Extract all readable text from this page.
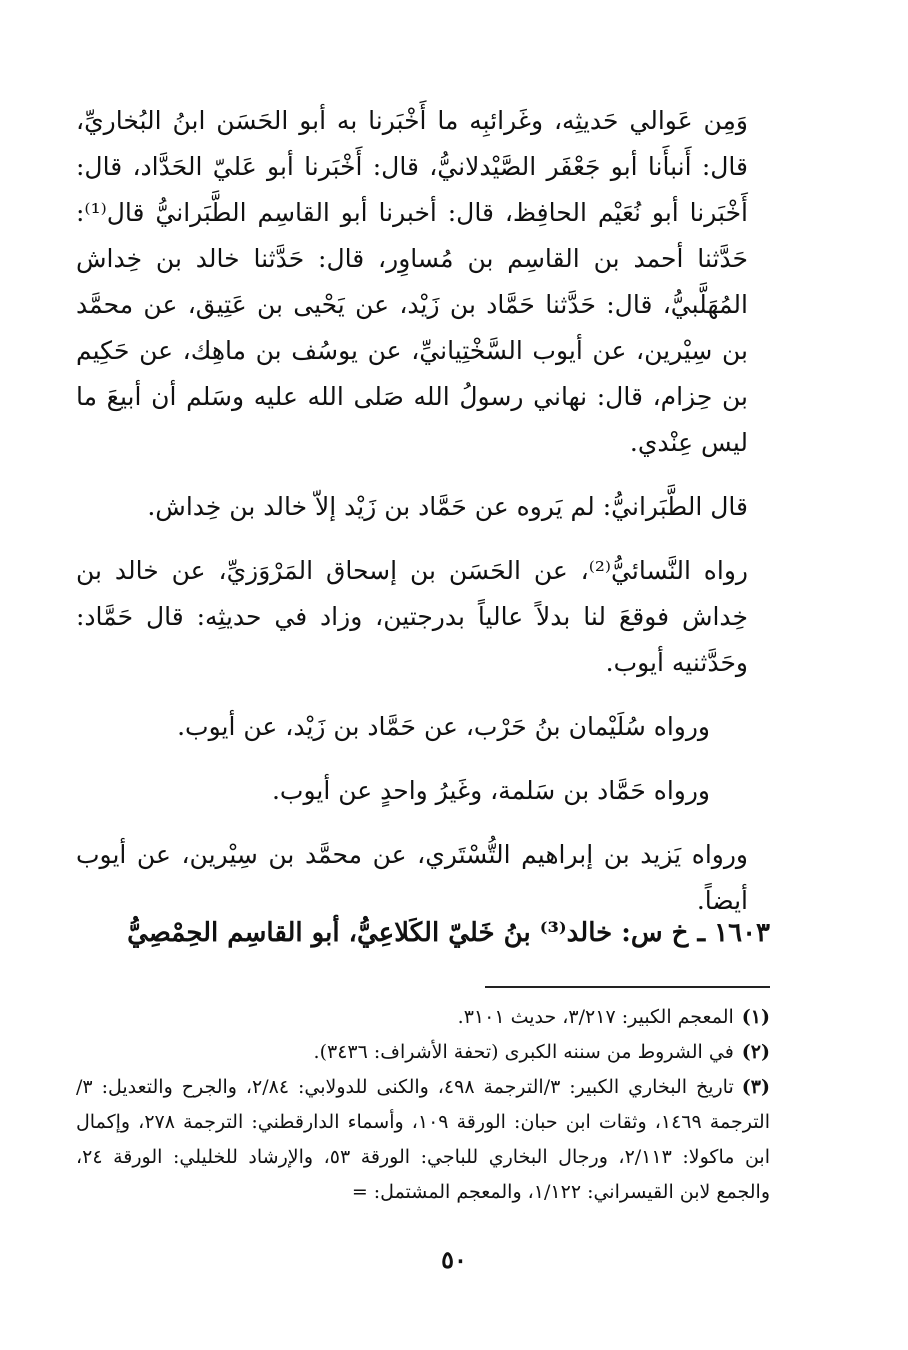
وَمِن عَوالي حَديثِه، وغَرائبِه ما أَخْبَرنا به أبو الحَسَن ابنُ البُخاريِّ، قال: أَنبأَنا أبو جَعْفَر الصَّيْدلانيُّ، قال: أَخْبَرنا أبو عَليّ الحَدَّاد، قال: أَخْبَرنا أبو نُعَيْم الحافِظ، قال: أخبرنا أبو القاسِم الطَّبَرانيُّ قال⁽¹⁾: حَدَّثنا أحمد بن القاسِم بن مُساوِر، قال: حَدَّثنا خالد بن خِداش المُهَلَّبيُّ، قال: حَدَّثنا حَمَّاد بن زَيْد، عن يَحْيى بن عَتِيق، عن محمَّد بن سِيْرين، عن أيوب السَّخْتِيانيِّ، عن يوسُف بن ماهِك، عن حَكِيم بن حِزام، قال: نهاني رسولُ الله صَلى الله عليه وسَلم أن أبيعَ ما ليس عِنْدي.

قال الطَّبَرانيُّ: لم يَروه عن حَمَّاد بن زَيْد إلاّ خالد بن خِداش.

رواه النَّسائيُّ⁽²⁾، عن الحَسَن بن إسحاق المَرْوَزيِّ، عن خالد بن خِداش فوقعَ لنا بدلاً عالياً بدرجتين، وزاد في حديثِه: قال حَمَّاد: وحَدَّثنيه أيوب.

ورواه سُلَيْمان بنُ حَرْب، عن حَمَّاد بن زَيْد، عن أيوب.

ورواه حَمَّاد بن سَلمة، وغَيرُ واحدٍ عن أيوب.

ورواه يَزيد بن إبراهيم التُّسْتَري، عن محمَّد بن سِيْرين، عن أيوب أيضاً.

١٦٠٣ ـ خ س: خالد⁽³⁾ بنُ خَليّ الكَلاعِيُّ، أبو القاسِم الحِمْصِيُّ

(١)المعجم الكبير: ٣/٢١٧، حديث ٣١٠١.

(٢)في الشروط من سننه الكبرى (تحفة الأشراف: ٣٤٣٦).

(٣)تاريخ البخاري الكبير: ٣/الترجمة ٤٩٨، والكنى للدولابي: ٢/٨٤، والجرح والتعديل: ٣/الترجمة ١٤٦٩، وثقات ابن حبان: الورقة ١٠٩، وأسماء الدارقطني: الترجمة ٢٧٨، وإكمال ابن ماكولا: ٢/١١٣، ورجال البخاري للباجي: الورقة ٥٣، والإرشاد للخليلي: الورقة ٢٤، والجمع لابن القيسراني: ١/١٢٢، والمعجم المشتمل: =

٥٠
